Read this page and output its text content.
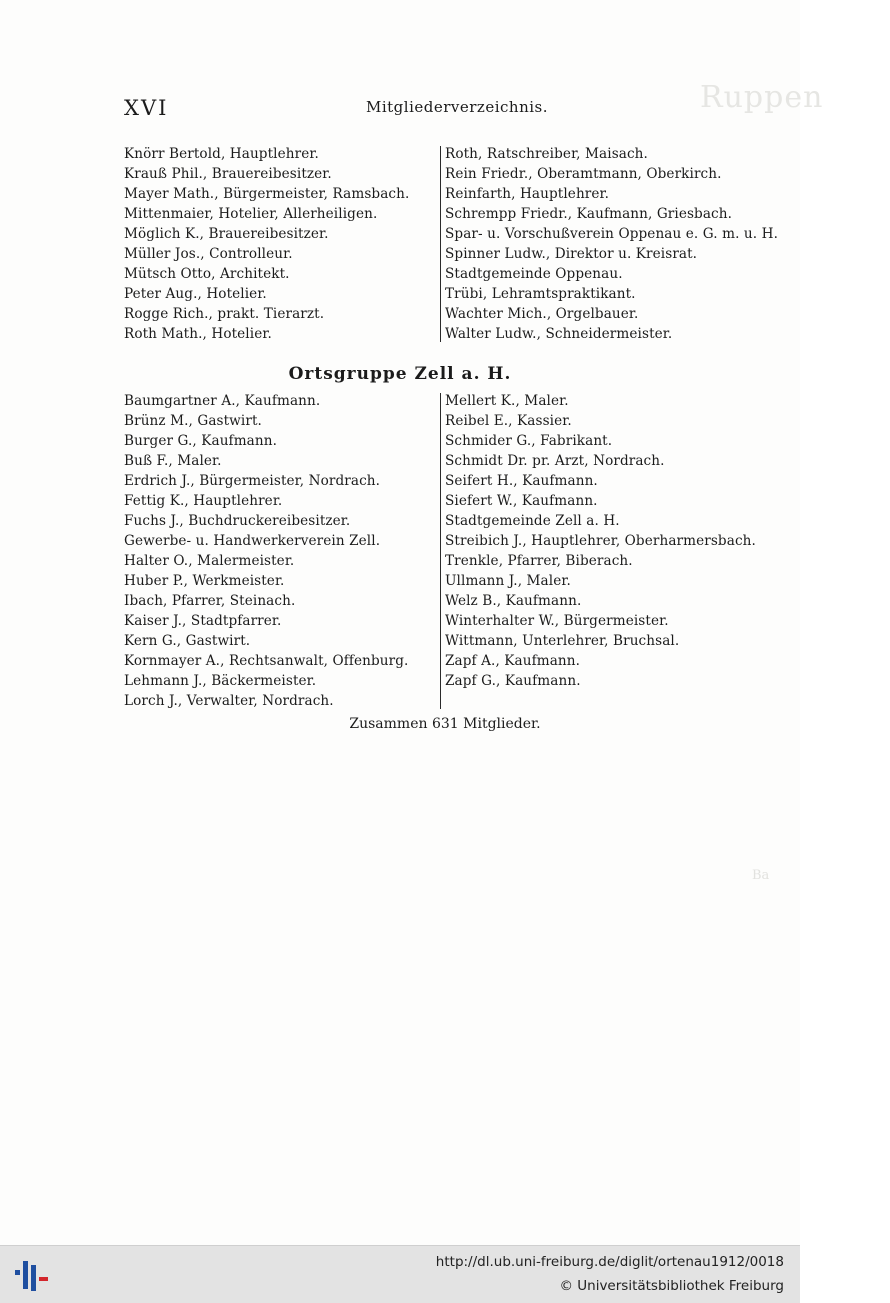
Ruppen
Ba
XVI	Mitgliederverzeichnis.
Knörr Bertold, Hauptlehrer.
Krauß Phil., Brauereibesitzer.
Mayer Math., Bürgermeister, Ramsbach.
Mittenmaier, Hotelier, Allerheiligen.
Möglich K., Brauereibesitzer.
Müller Jos., Controlleur.
Mütsch Otto, Architekt.
Peter Aug., Hotelier.
Rogge Rich., prakt. Tierarzt.
Roth Math., Hotelier.
Roth, Ratschreiber, Maisach.
Rein Friedr., Oberamtmann, Oberkirch.
Reinfarth, Hauptlehrer.
Schrempp Friedr., Kaufmann, Griesbach.
Spar- u. Vorschußverein Oppenau e. G. m. u. H.
Spinner Ludw., Direktor u. Kreisrat.
Stadtgemeinde Oppenau.
Trübi, Lehramtspraktikant.
Wachter Mich., Orgelbauer.
Walter Ludw., Schneidermeister.
Ortsgruppe Zell a. H.
Baumgartner A., Kaufmann.
Brünz M., Gastwirt.
Burger G., Kaufmann.
Buß F., Maler.
Erdrich J., Bürgermeister, Nordrach.
Fettig K., Hauptlehrer.
Fuchs J., Buchdruckereibesitzer.
Gewerbe- u. Handwerkerverein Zell.
Halter O., Malermeister.
Huber P., Werkmeister.
Ibach, Pfarrer, Steinach.
Kaiser J., Stadtpfarrer.
Kern G., Gastwirt.
Kornmayer A., Rechtsanwalt, Offenburg.
Lehmann J., Bäckermeister.
Lorch J., Verwalter, Nordrach.
Mellert K., Maler.
Reibel E., Kassier.
Schmider G., Fabrikant.
Schmidt Dr. pr. Arzt, Nordrach.
Seifert H., Kaufmann.
Siefert W., Kaufmann.
Stadtgemeinde Zell a. H.
Streibich J., Hauptlehrer, Oberharmersbach.
Trenkle, Pfarrer, Biberach.
Ullmann J., Maler.
Welz B., Kaufmann.
Winterhalter W., Bürgermeister.
Wittmann, Unterlehrer, Bruchsal.
Zapf A., Kaufmann.
Zapf G., Kaufmann.
Zusammen 631 Mitglieder.
http://dl.ub.uni-freiburg.de/diglit/ortenau1912/0018
© Universitätsbibliothek Freiburg
